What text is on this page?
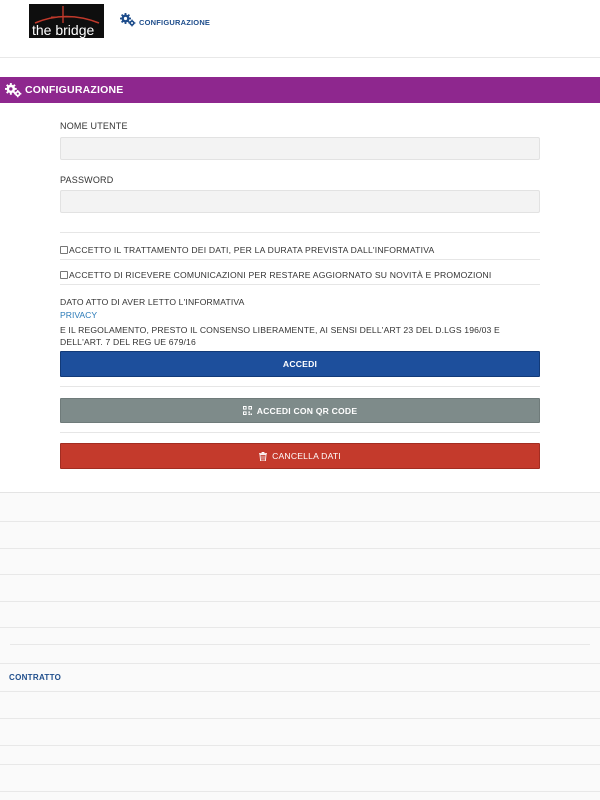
the bridge	CONFIGURAZIONE
CONFIGURAZIONE
NOME UTENTE
PASSWORD
ACCETTO IL TRATTAMENTO DEI DATI, PER LA DURATA PREVISTA DALL'INFORMATIVA
ACCETTO DI RICEVERE COMUNICAZIONI PER RESTARE AGGIORNATO SU NOVITÀ E PROMOZIONI
DATO ATTO DI AVER LETTO L'INFORMATIVA
PRIVACY
E IL REGOLAMENTO, PRESTO IL CONSENSO LIBERAMENTE, AI SENSI DELL'ART 23 DEL D.LGS 196/03 E DELL'ART. 7 DEL REG UE 679/16
ACCEDI
ACCEDI CON QR CODE
CANCELLA DATI
CONTRATTO
